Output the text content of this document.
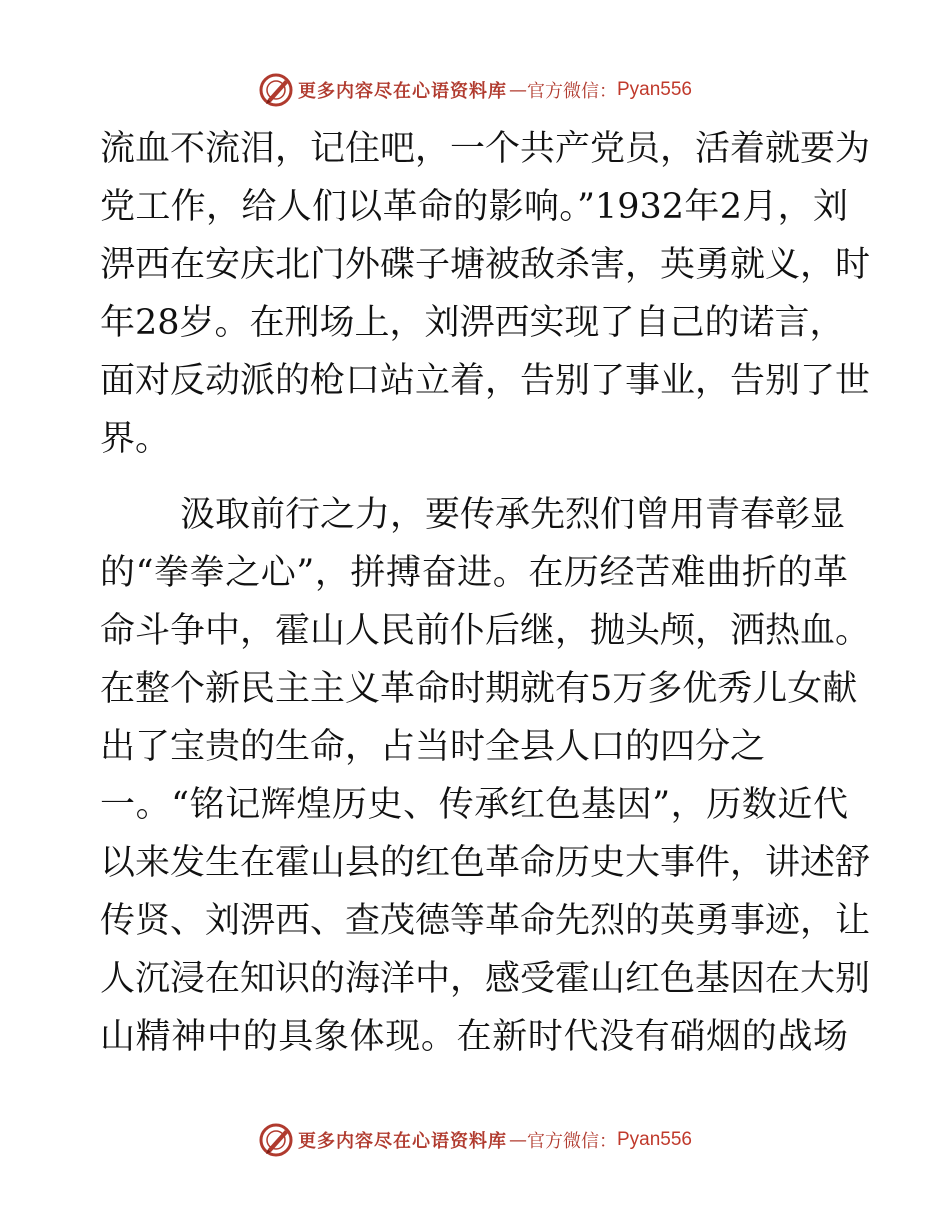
更多内容尽在心语资料库 — 官方微信： Pyan556
流血不流泪，记住吧，一个共产党员，活着就要为
党工作，给人们以革命的影响。”1932年2月，刘
淠西在安庆北门外碟子塘被敌杀害，英勇就义，时
年28岁。在刑场上，刘淠西实现了自己的诺言，
面对反动派的枪口站立着，告别了事业，告别了世
界。
汲取前行之力，要传承先烈们曾用青春彰显
的“拳拳之心”，拼搏奋进。在历经苦难曲折的革
命斗争中，霍山人民前仆后继，抛头颅，洒热血。
在整个新民主主义革命时期就有5万多优秀儿女献
出了宝贵的生命，占当时全县人口的四分之
一。“铭记辉煌历史、传承红色基因”，历数近代
以来发生在霍山县的红色革命历史大事件，讲述舒
传贤、刘淠西、查茂德等革命先烈的英勇事迹，让
人沉浸在知识的海洋中，感受霍山红色基因在大别
山精神中的具象体现。在新时代没有硝烟的战场
更多内容尽在心语资料库 — 官方微信： Pyan556
